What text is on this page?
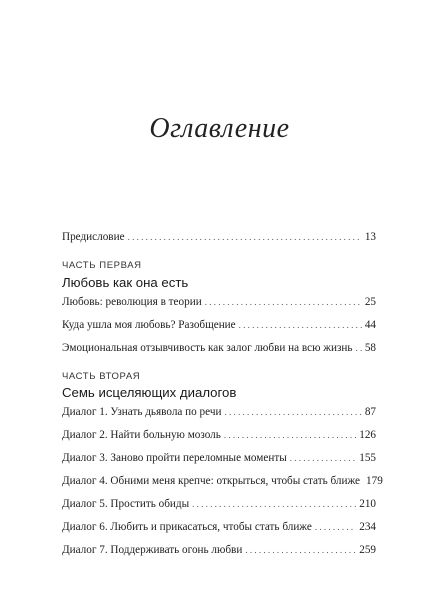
Оглавление
Предисловие . . .	13
ЧАСТЬ ПЕРВАЯ
Любовь как она есть
Любовь: революция в теории . . .	25
Куда ушла моя любовь? Разобщение . . .	44
Эмоциональная отзывчивость как залог любви на всю жизнь . . . 58
ЧАСТЬ ВТОРАЯ
Семь исцеляющих диалогов
Диалог 1. Узнать дьявола по речи . . .	87
Диалог 2. Найти больную мозоль . . .	126
Диалог 3. Заново пройти переломные моменты . . .	155
Диалог 4. Обними меня крепче: открыться, чтобы стать ближе 179
Диалог 5. Простить обиды . . .	210
Диалог 6. Любить и прикасаться, чтобы стать ближе . . .	234
Диалог 7. Поддерживать огонь любви . . .	259
